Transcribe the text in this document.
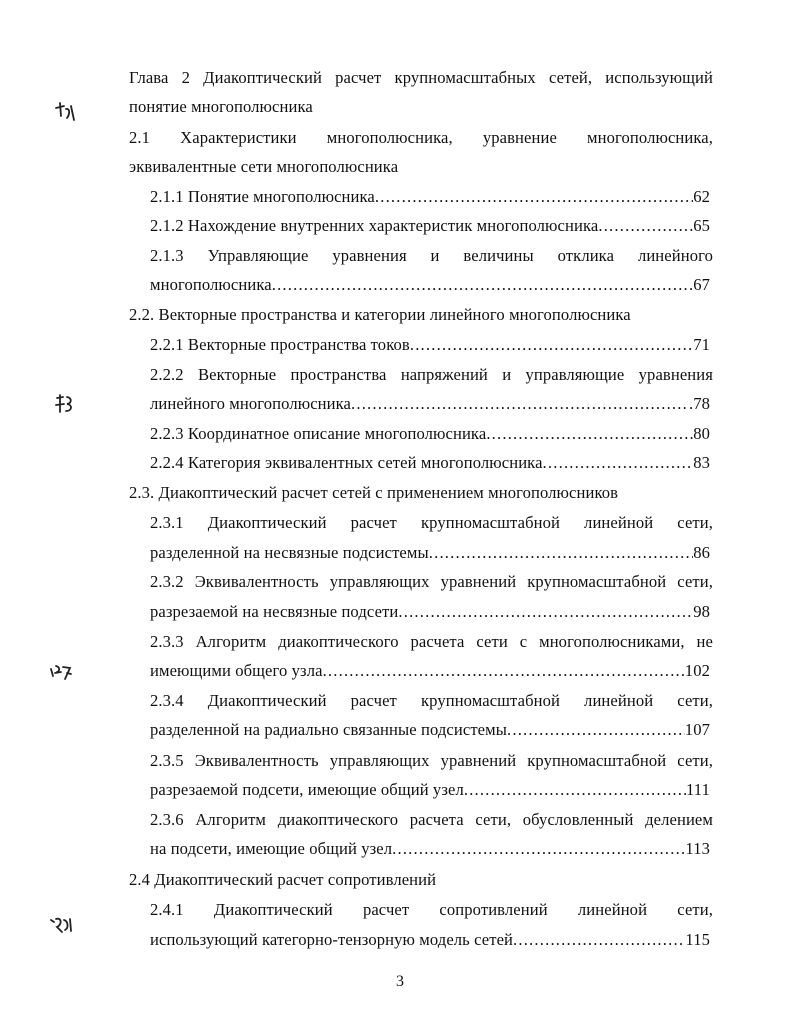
Глава 2 Диакоптический расчет крупномасштабных сетей, использующий
понятие многополюсника
2.1 Характеристики многополюсника, уравнение многополюсника,
эквивалентные сети многополюсника
2.1.1 Понятие многополюсника .....	62
2.1.2 Нахождение внутренних характеристик многополюсника .....	65
2.1.3 Управляющие уравнения и величины отклика линейного
многополюсника .....	.67
2.2. Векторные пространства и категории линейного многополюсника
2.2.1 Векторные пространства токов .....	71
2.2.2 Векторные пространства напряжений и управляющие уравнения
линейного многополюсника .....	.78
2.2.3 Координатное описание многополюсника .....	80
2.2.4 Категория эквивалентных сетей многополюсника .....	83
2.3. Диакоптический расчет сетей с применением многополюсников
2.3.1 Диакоптический расчет крупномасштабной линейной сети,
разделенной на несвязные подсистемы .....	86
2.3.2 Эквивалентность управляющих уравнений крупномасштабной сети,
разрезаемой на несвязные подсети .....	98
2.3.3 Алгоритм диакоптического расчета сети с многополюсниками, не
имеющими общего узла .....	102
2.3.4 Диакоптический расчет крупномасштабной линейной сети,
разделенной на радиально связанные подсистемы .....	107
2.3.5 Эквивалентность управляющих уравнений крупномасштабной сети,
разрезаемой подсети, имеющие общий узел .....	111
2.3.6 Алгоритм диакоптического расчета сети, обусловленный делением
на подсети, имеющие общий узел .....	113
2.4 Диакоптический расчет сопротивлений
2.4.1 Диакоптический расчет сопротивлений линейной сети,
использующий категорно-тензорную модель сетей .....	115
3
